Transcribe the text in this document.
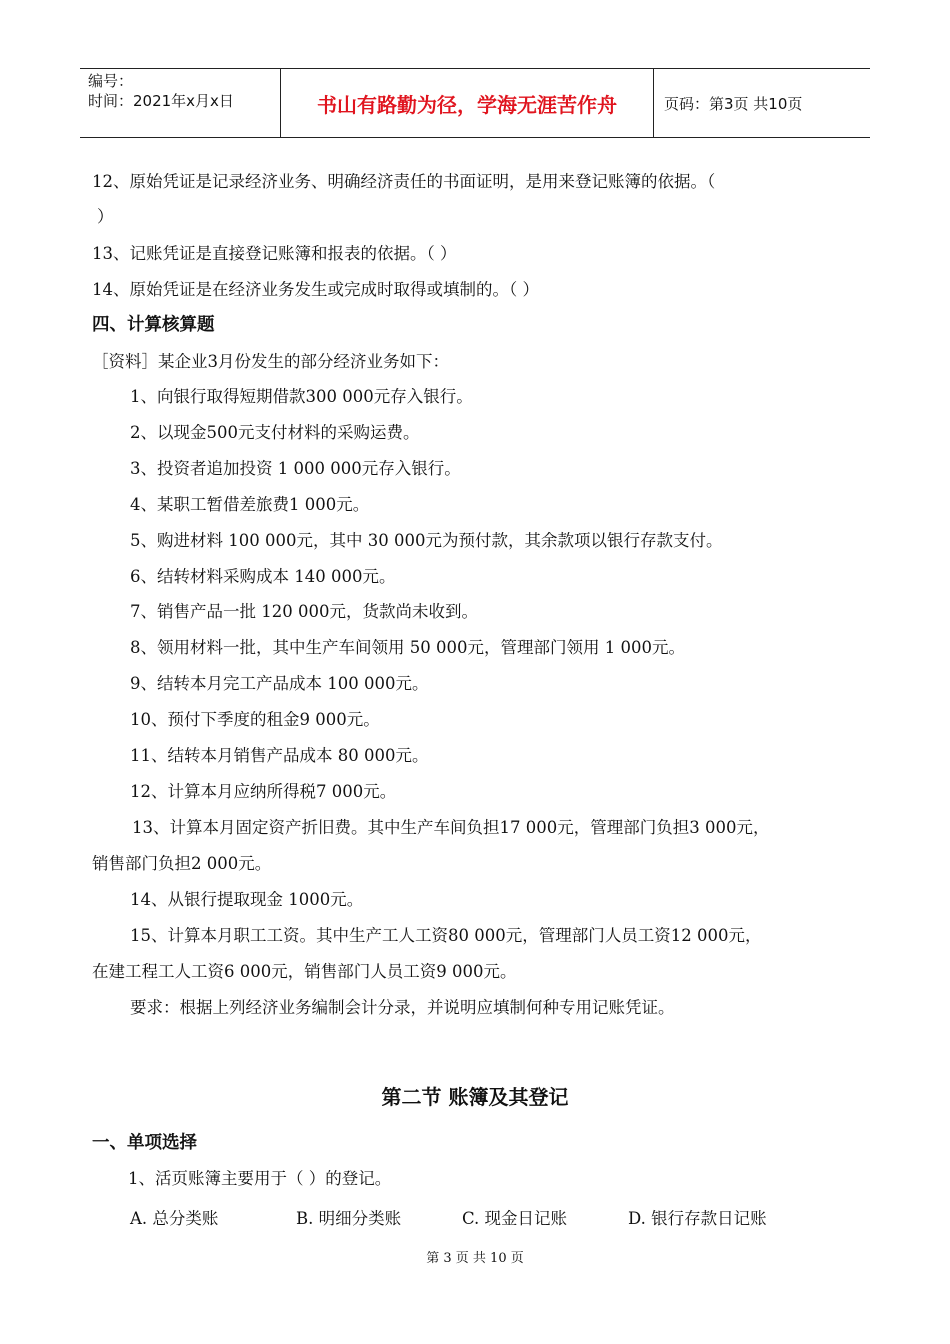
编号：
时间：2021年x月x日	书山有路勤为径，学海无涯苦作舟	页码：第3页 共10页
12、原始凭证是记录经济业务、明确经济责任的书面证明，是用来登记账簿的依据。（
）
13、记账凭证是直接登记账簿和报表的依据。（ ）
14、原始凭证是在经济业务发生或完成时取得或填制的。（ ）
四、计算核算题
［资料］某企业3月份发生的部分经济业务如下：
1、向银行取得短期借款300 000元存入银行。
2、以现金500元支付材料的采购运费。
3、投资者追加投资 1 000 000元存入银行。
4、某职工暂借差旅费1 000元。
5、购进材料 100 000元，其中 30 000元为预付款，其余款项以银行存款支付。
6、结转材料采购成本 140 000元。
7、销售产品一批 120 000元，货款尚未收到。
8、领用材料一批，其中生产车间领用 50 000元，管理部门领用 1 000元。
9、结转本月完工产品成本 100 000元。
10、预付下季度的租金9 000元。
11、结转本月销售产品成本 80 000元。
12、计算本月应纳所得税7 000元。
13、计算本月固定资产折旧费。其中生产车间负担17 000元，管理部门负担3 000元，
销售部门负担2 000元。
14、从银行提取现金 1000元。
15、计算本月职工工资。其中生产工人工资80 000元，管理部门人员工资12 000元，
在建工程工人工资6 000元，销售部门人员工资9 000元。
要求：根据上列经济业务编制会计分录，并说明应填制何种专用记账凭证。
第二节 账簿及其登记
一、单项选择
1、活页账簿主要用于（ ）的登记。
A. 总分类账	B. 明细分类账	C. 现金日记账	D. 银行存款日记账
第 3 页 共 10 页
